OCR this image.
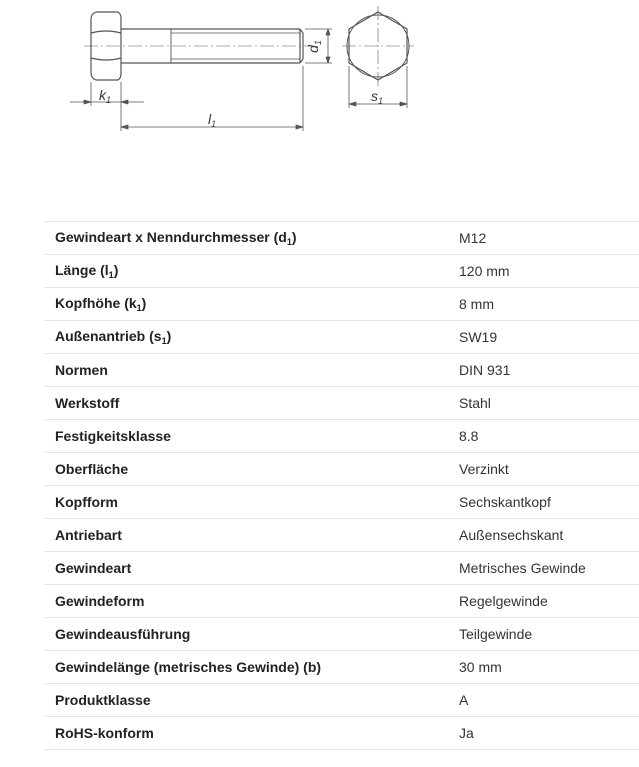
$k_1$
$l_1$
$d_1$
$s_1$
Gewindeart x Nenndurchmesser $(d_1)$	M12
Länge $(l_1)$	120 mm
Kopfhöhe $(k_1)$	8 mm
Außenantrieb $(s_1)$	SW19
Normen	DIN 931
Werkstoff	Stahl
Festigkeitsklasse	8.8
Oberfläche	Verzinkt
Kopfform	Sechskantkopf
Antriebart	Außensechskant
Gewindeart	Metrisches Gewinde
Gewindeform	Regelgewinde
Gewindeausführung	Teilgewinde
Gewindelänge (metrisches Gewinde) (b)	30 mm
Produktklasse	A
RoHS-konform	Ja
